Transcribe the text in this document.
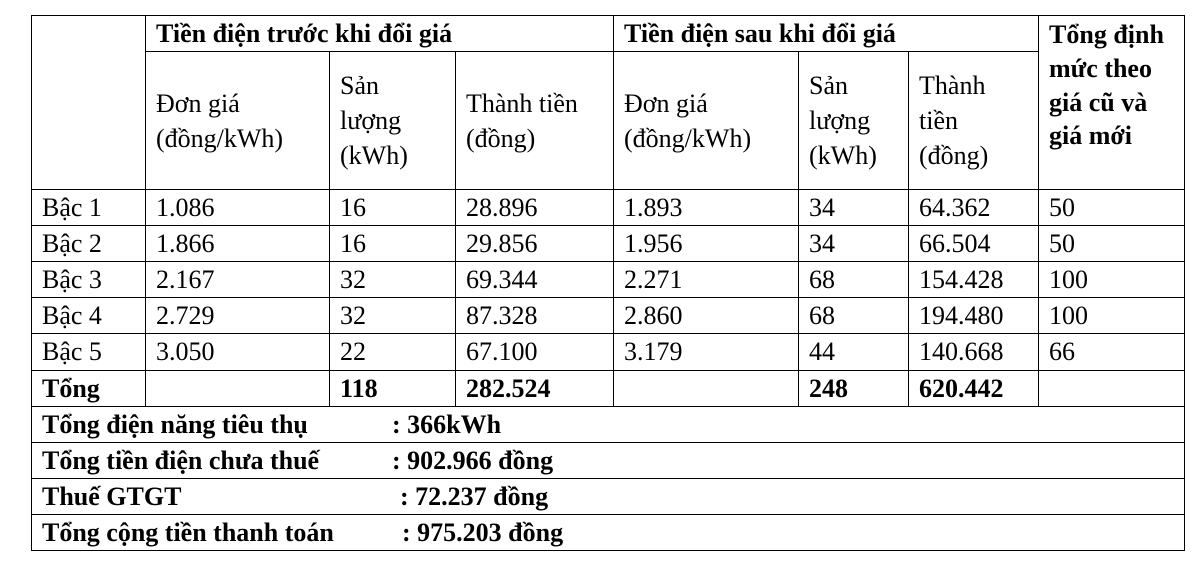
	Tiền điện trước khi đổi giá			Tiền điện sau khi đổi giá			Tổng định mức theo giá cũ và giá mới
	Đơn giá (đồng/kWh)	Sản lượng (kWh)	Thành tiền (đồng)	Đơn giá (đồng/kWh)	Sản lượng (kWh)	Thành tiền (đồng)	
Bậc 1	1.086	16	28.896	1.893	34	64.362	50
Bậc 2	1.866	16	29.856	1.956	34	66.504	50
Bậc 3	2.167	32	69.344	2.271	68	154.428	100
Bậc 4	2.729	32	87.328	2.860	68	194.480	100
Bậc 5	3.050	22	67.100	3.179	44	140.668	66
Tổng		118	282.524		248	620.442	
Tổng điện năng tiêu thụ : 366kWh							
Tổng tiền điện chưa thuế : 902.966 đồng							
Thuế GTGT : 72.237 đồng							
Tổng cộng tiền thanh toán : 975.203 đồng							
